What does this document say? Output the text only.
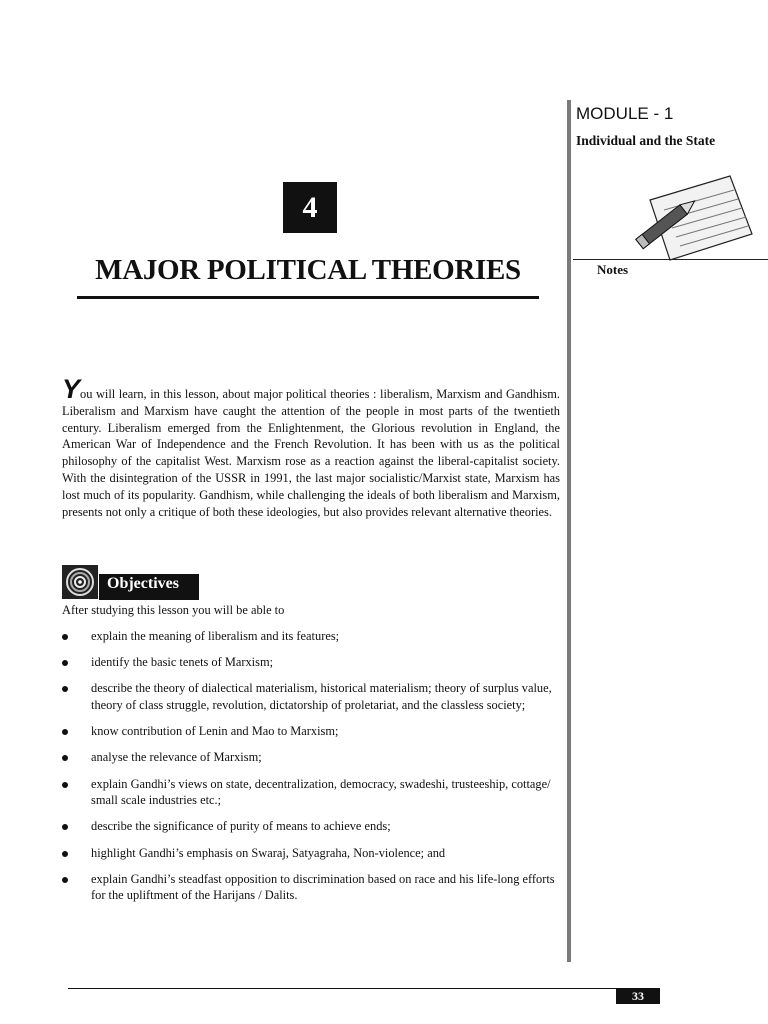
MODULE - 1
Individual and the State
Notes
4
MAJOR POLITICAL THEORIES

You will learn, in this lesson, about major political theories : liberalism, Marxism and Gandhism. Liberalism and Marxism have caught the attention of the people in most parts of the twentieth century. Liberalism emerged from the Enlightenment, the Glorious revolution in England, the American War of Independence and the French Revolution. It has been with us as the political philosophy of the capitalist West. Marxism rose as a reaction against the liberal-capitalist society. With the disintegration of the USSR in 1991, the last major socialistic/Marxist state, Marxism has lost much of its popularity. Gandhism, while challenging the ideals of both liberalism and Marxism, presents not only a critique of both these ideologies, but also provides relevant alternative theories.

Objectives
After studying this lesson you will be able to
explain the meaning of liberalism and its features;
identify the basic tenets of Marxism;
describe the theory of dialectical materialism, historical materialism; theory of surplus value, theory of class struggle, revolution, dictatorship of proletariat, and the classless society;
know contribution of Lenin and Mao to Marxism;
analyse the relevance of Marxism;
explain Gandhi’s views on state, decentralization, democracy, swadeshi, trusteeship, cottage/ small scale industries etc.;
describe the significance of purity of means to achieve ends;
highlight Gandhi’s emphasis on Swaraj, Satyagraha, Non-violence; and
explain Gandhi’s steadfast opposition to discrimination based on race and his life-long efforts for the upliftment of the Harijans / Dalits.
33
